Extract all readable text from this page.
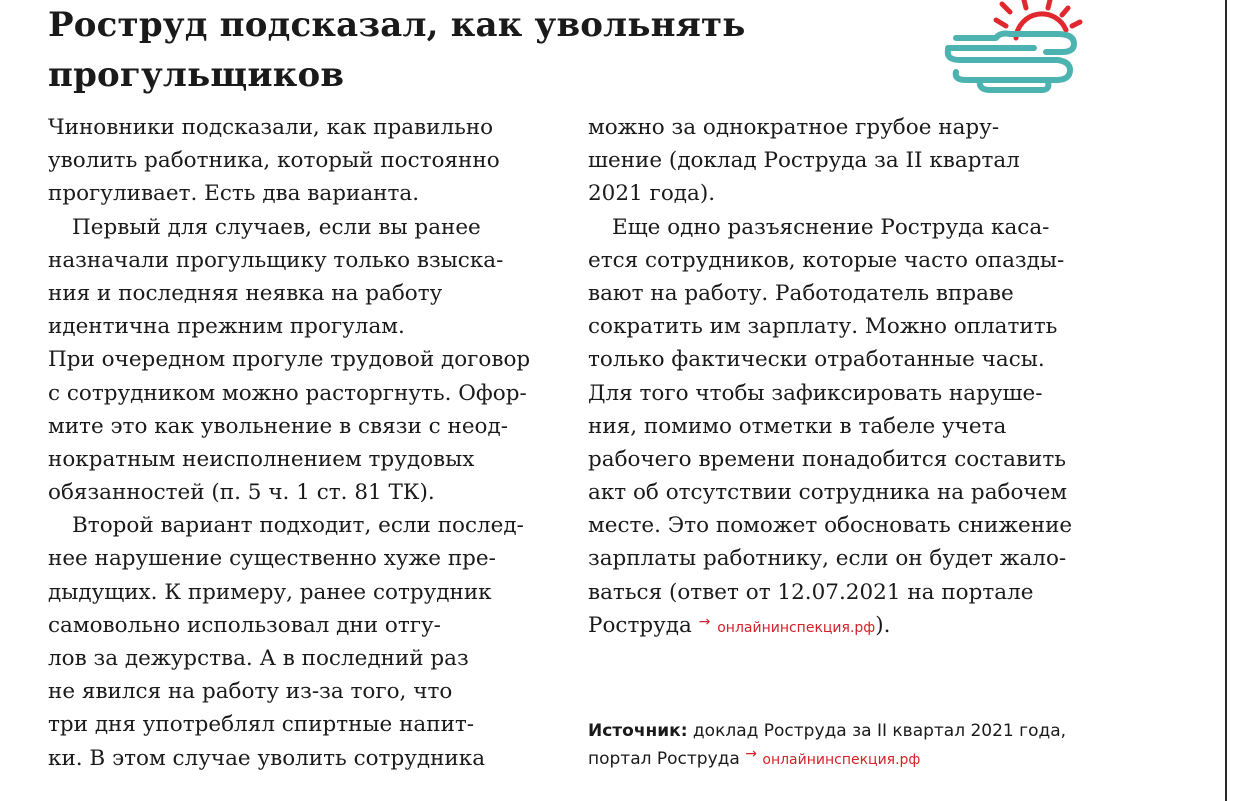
Роструд подсказал, как увольнять
прогульщиков
Чиновники подсказали, как правильно
уволить работника, который постоянно
прогуливает. Есть два варианта.
Первый для случаев, если вы ранее
назначали прогульщику только взыска-
ния и последняя неявка на работу
идентична прежним прогулам.
При очередном прогуле трудовой договор
с сотрудником можно расторгнуть. Офор-
мите это как увольнение в связи с неод-
нократным неисполнением трудовых
обязанностей (п. 5 ч. 1 ст. 81 ТК).
Второй вариант подходит, если послед-
нее нарушение существенно хуже пре-
дыдущих. К примеру, ранее сотрудник
самовольно использовал дни отгу-
лов за дежурства. А в последний раз
не явился на работу из-за того, что
три дня употреблял спиртные напит-
ки. В этом случае уволить сотрудника
можно за однократное грубое нару-
шение (доклад Роструда за II квартал
2021 года).
Еще одно разъяснение Роструда каса-
ется сотрудников, которые часто опазды-
вают на работу. Работодатель вправе
сократить им зарплату. Можно оплатить
только фактически отработанные часы.
Для того чтобы зафиксировать наруше-
ния, помимо отметки в табеле учета
рабочего времени понадобится составить
акт об отсутствии сотрудника на рабочем
месте. Это поможет обосновать снижение
зарплаты работнику, если он будет жало-
ваться (ответ от 12.07.2021 на портале
Роструда → онлайнинспекция.рф).
Источник: доклад Роструда за II квартал 2021 года,
портал Роструда → онлайнинспекция.рф
